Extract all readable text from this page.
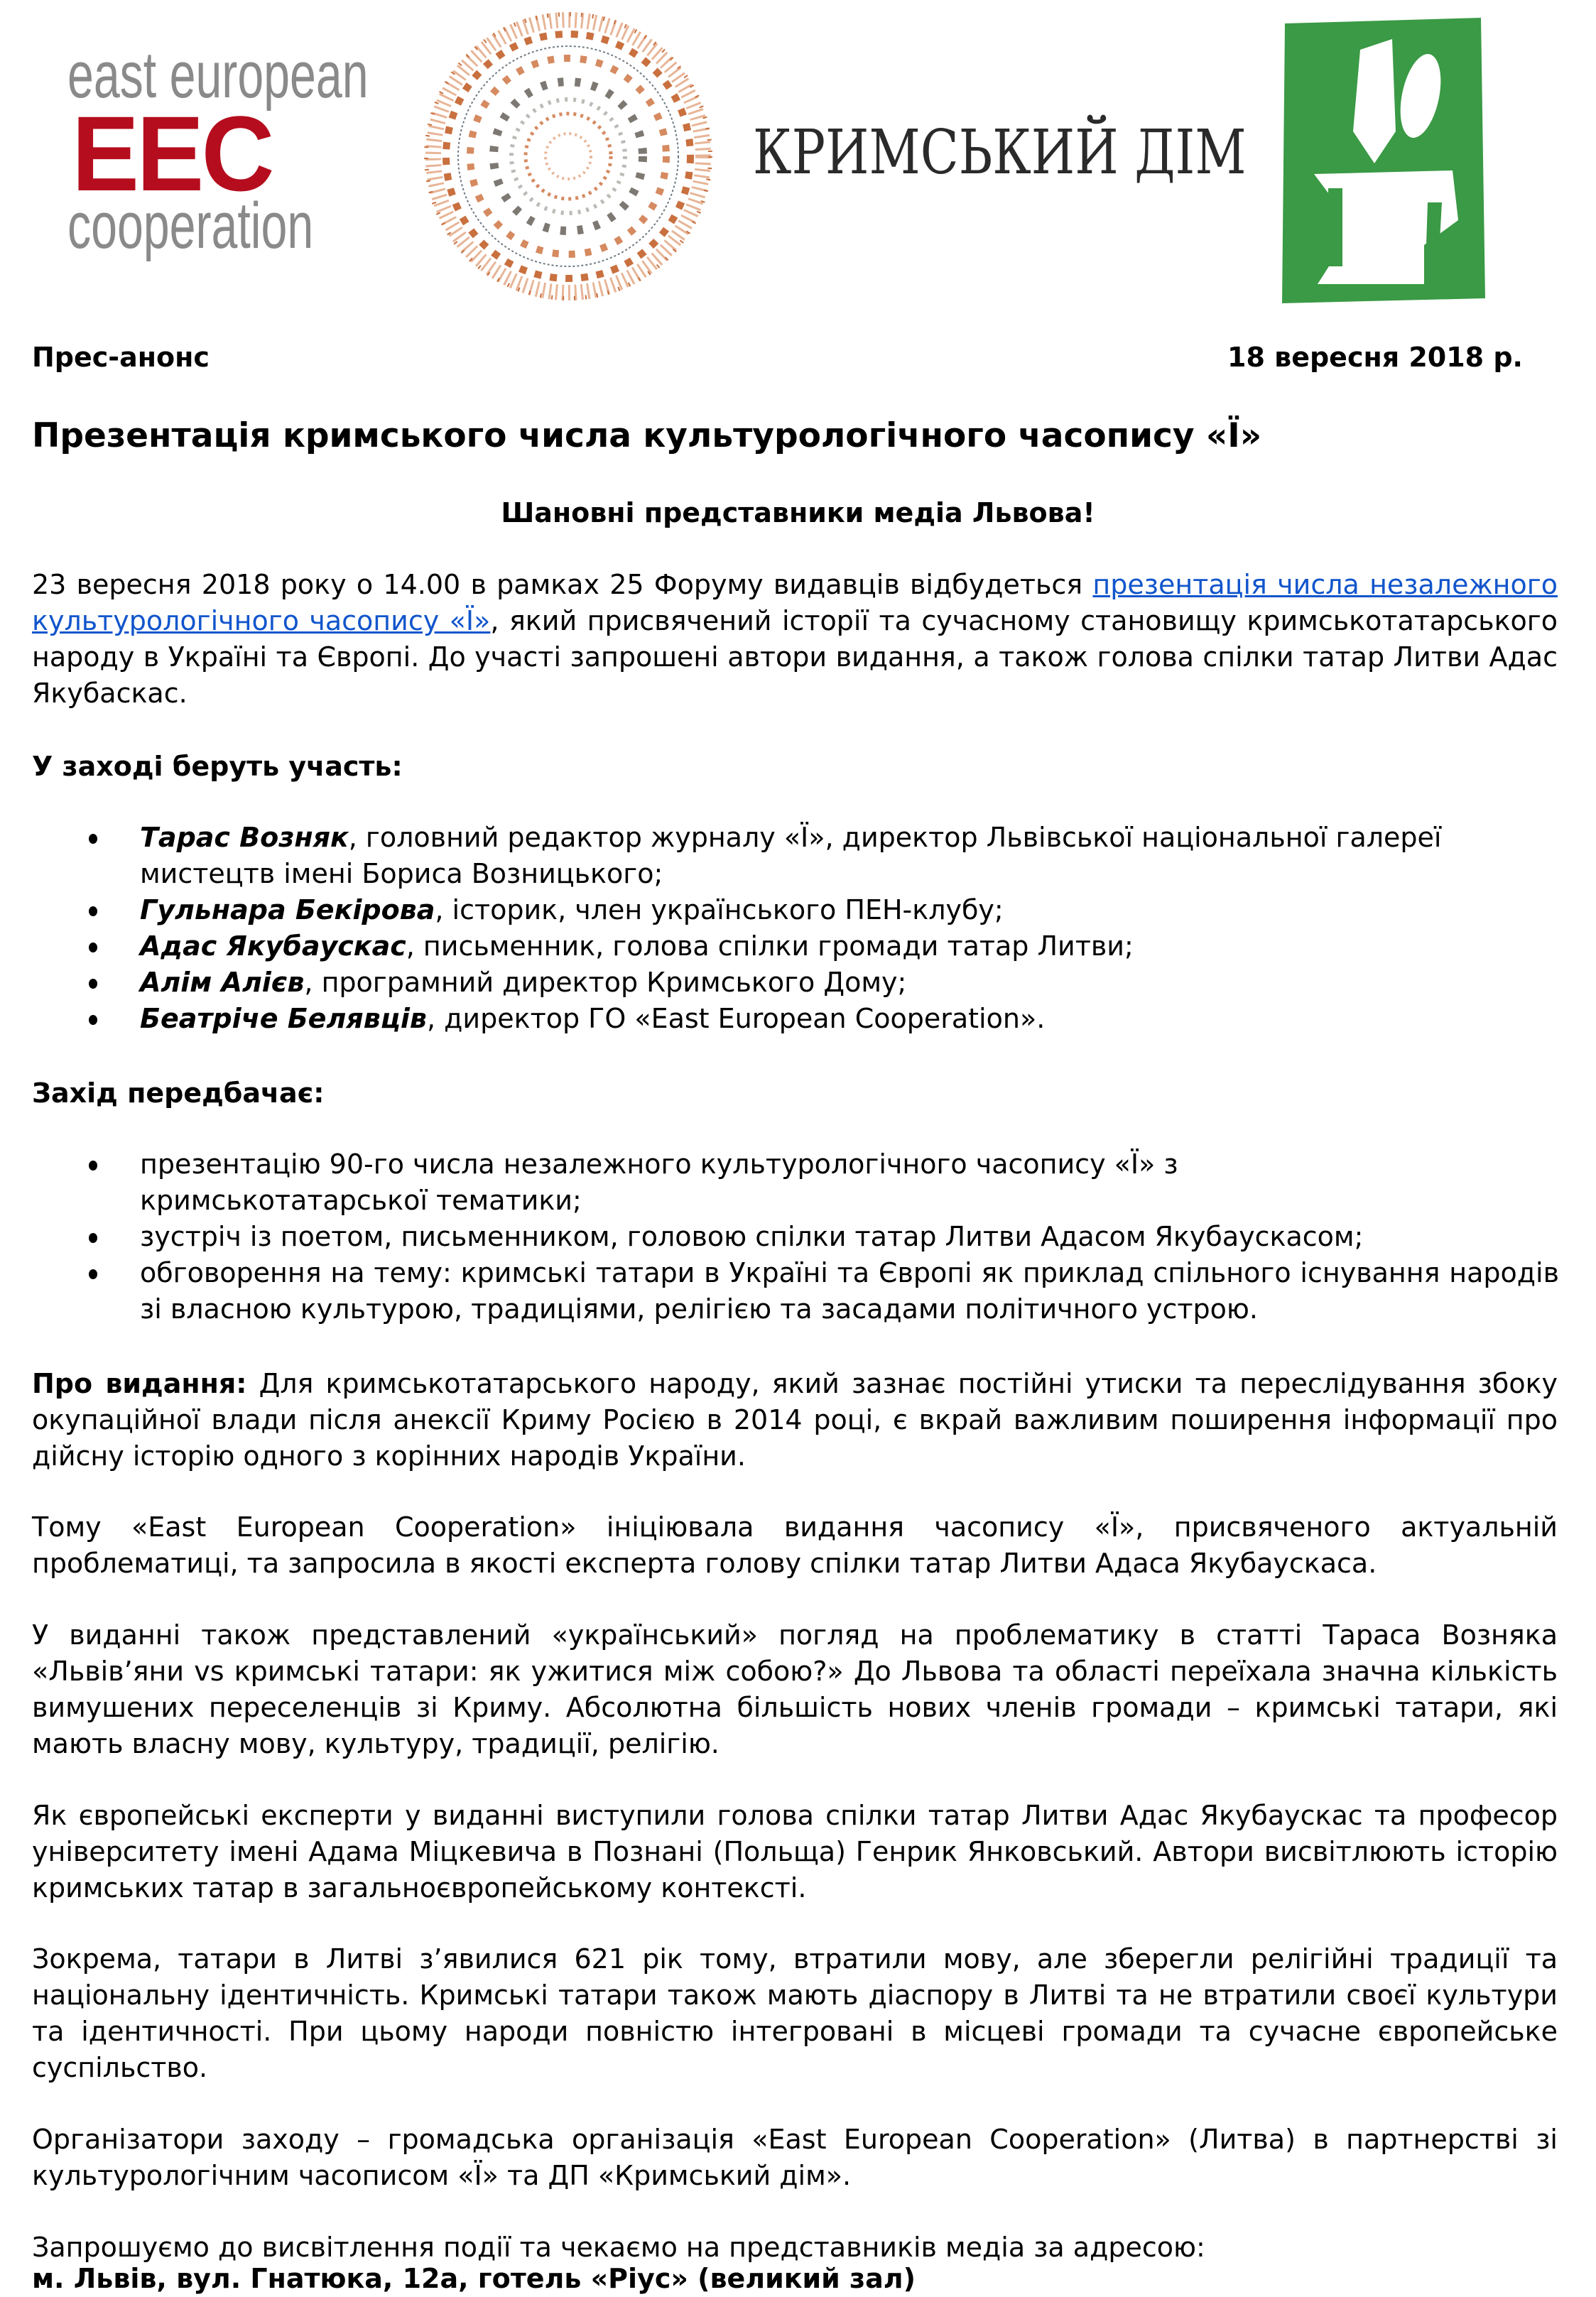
east european
EEC
cooperation
КРИМСЬКИЙ ДІМ
Прес-анонс	18 вересня 2018 р.
Презентація кримського числа культурологічного часопису «Ї»
Шановні представники медіа Львова!
23 вересня 2018 року о 14.00 в рамках 25 Форуму видавців відбудеться презентація числа незалежного культурологічного часопису «Ї», який присвячений історії та сучасному становищу кримськотатарського народу в Україні та Європі. До участі запрошені автори видання, а також голова спілки татар Литви Адас Якубаскас.
У заході беруть участь:
Тарас Возняк, головний редактор журналу «Ї», директор Львівської національної галереї мистецтв імені Бориса Возницького;
Гульнара Бекірова, історик, член українського ПЕН-клубу;
Адас Якубаускас, письменник, голова спілки громади татар Литви;
Алім Алієв, програмний директор Кримського Дому;
Беатріче Белявців, директор ГО «East European Cooperation».
Захід передбачає:
презентацію 90-го числа незалежного культурологічного часопису «Ї» з кримськотатарської тематики;
зустріч із поетом, письменником, головою спілки татар Литви Адасом Якубаускасом;
обговорення на тему: кримські татари в Україні та Європі як приклад спільного існування народів зі власною культурою, традиціями, релігією та засадами політичного устрою.
Про видання: Для кримськотатарського народу, який зазнає постійні утиски та переслідування збоку окупаційної влади після анексії Криму Росією в 2014 році, є вкрай важливим поширення інформації про дійсну історію одного з корінних народів України.
Тому «East European Cooperation» ініціювала видання часопису «Ї», присвяченого актуальній проблематиці, та запросила в якості експерта голову спілки татар Литви Адаса Якубаускаса.
У виданні також представлений «український» погляд на проблематику в статті Тараса Возняка «Львів’яни vs кримські татари: як ужитися між собою?» До Львова та області переїхала значна кількість вимушених переселенців зі Криму. Абсолютна більшість нових членів громади – кримські татари, які мають власну мову, культуру, традиції, релігію.
Як європейські експерти у виданні виступили голова спілки татар Литви Адас Якубаускас та професор університету імені Адама Міцкевича в Познані (Польща) Генрик Янковський. Автори висвітлюють історію кримських татар в загальноєвропейському контексті.
Зокрема, татари в Литві з’явилися 621 рік тому, втратили мову, але зберегли релігійні традиції та національну ідентичність. Кримські татари також мають діаспору в Литві та не втратили своєї культури та ідентичності. При цьому народи повністю інтегровані в місцеві громади та сучасне європейське суспільство.
Організатори заходу – громадська організація «East European Cooperation» (Литва) в партнерстві зі культурологічним часописом «Ї» та ДП «Кримський дім».
Запрошуємо до висвітлення події та чекаємо на представників медіа за адресою:
м. Львів, вул. Гнатюка, 12а, готель «Ріус» (великий зал)
